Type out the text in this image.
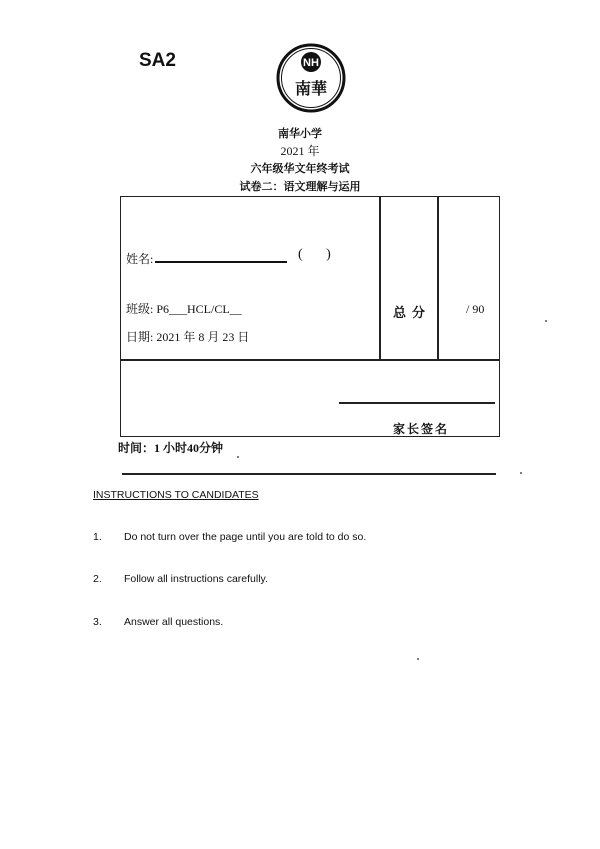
SA2	NH
南華
南华小学
2021 年
六年级华文年终考试
试卷二：语文理解与运用
姓名:	( )
班级: P6___HCL/CL__
日期: 2021 年 8 月 23 日
总分	/ 90
家长签名
时间：1 小时40分钟
INSTRUCTIONS TO CANDIDATES
1. Do not turn over the page until you are told to do so.
2. Follow all instructions carefully.
3. Answer all questions.
